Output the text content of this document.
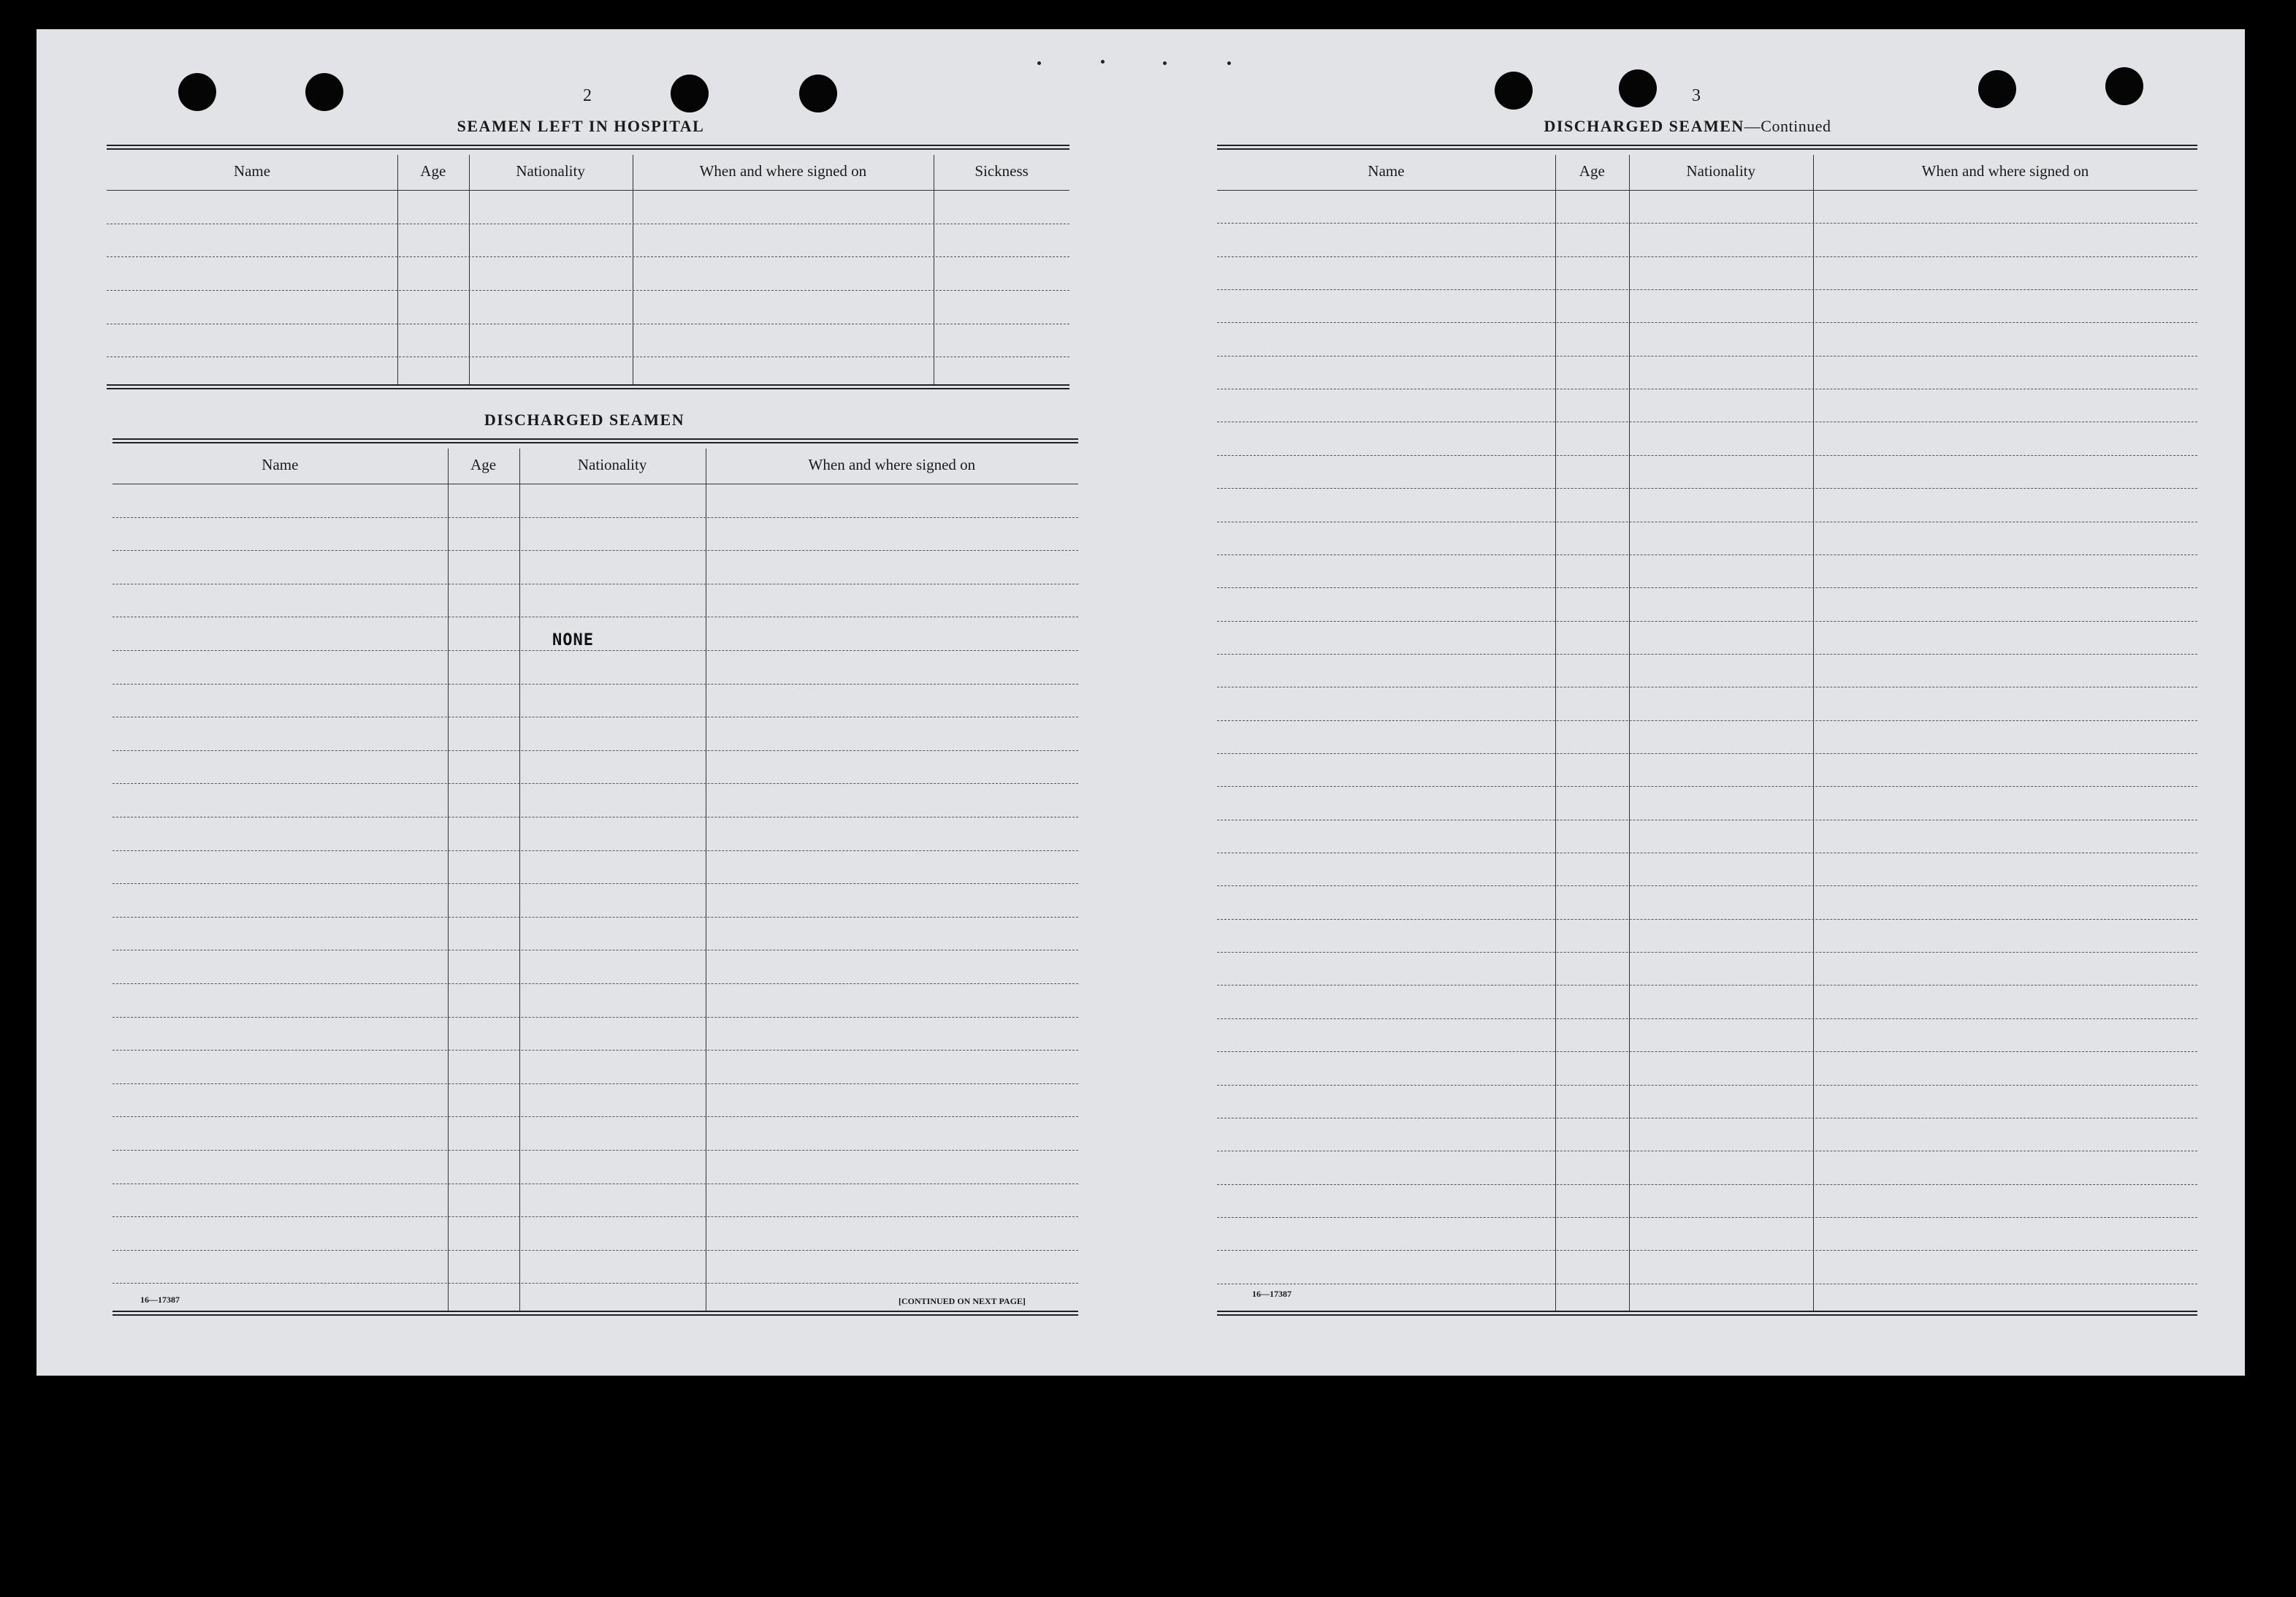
2
SEAMEN LEFT IN HOSPITAL
Name	Age	Nationality	When and where signed on	Sickness
DISCHARGED SEAMEN
Name	Age	Nationality	When and where signed on
NONE
16—17387	[CONTINUED ON NEXT PAGE]
3
DISCHARGED SEAMEN—Continued
Name	Age	Nationality	When and where signed on
16—17387
